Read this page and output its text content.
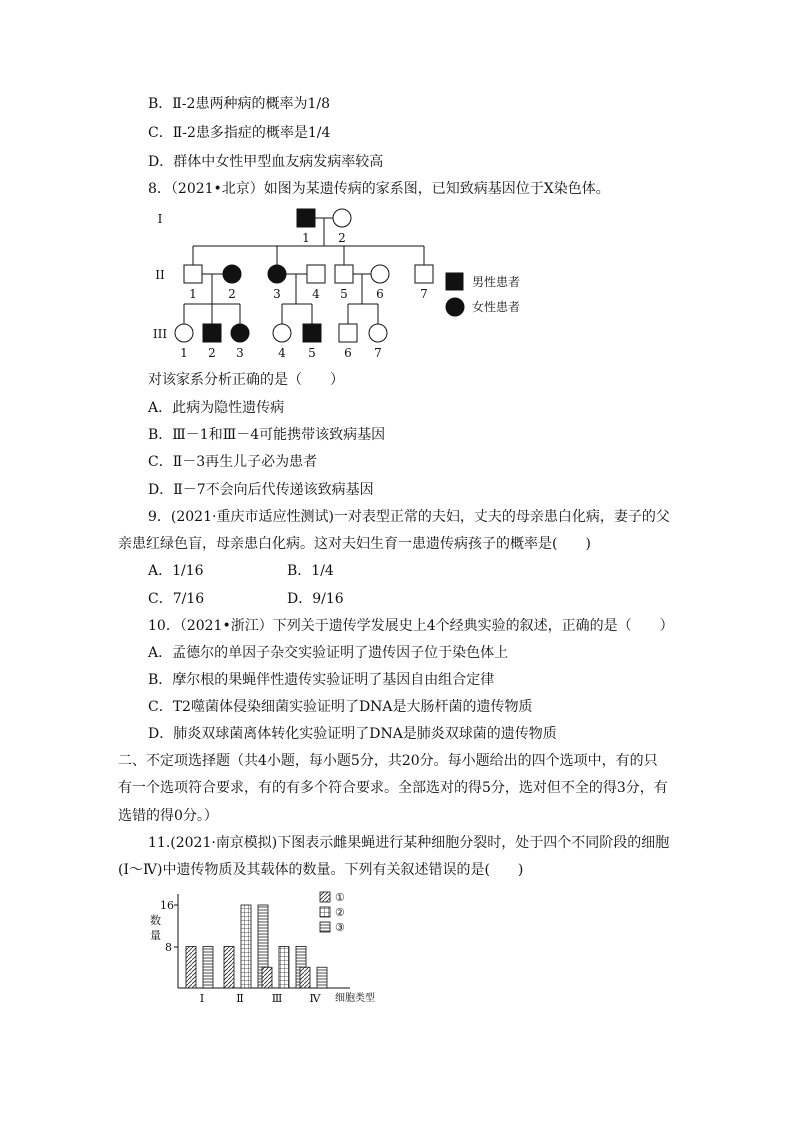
B．Ⅱ-2患两种病的概率为1/8
C．Ⅱ-2患多指症的概率是1/4
D．群体中女性甲型血友病发病率较高
8．（2021•北京）如图为某遗传病的家系图，已知致病基因位于X染色体。
I
II
III
1 2
1	2	3	4 5 6	7
1 2 3	4 5 6 7
男性患者
女性患者
对该家系分析正确的是（　　）
A．此病为隐性遗传病
B．Ⅲ－1和Ⅲ－4可能携带该致病基因
C．Ⅱ－3再生儿子必为患者
D．Ⅱ－7不会向后代传递该致病基因
9．(2021·重庆市适应性测试)一对表型正常的夫妇，丈夫的母亲患白化病，妻子的父
亲患红绿色盲，母亲患白化病。这对夫妇生育一患遗传病孩子的概率是(　　)
A．1/16	B．1/4
C．7/16	D．9/16
10．（2021•浙江）下列关于遗传学发展史上4个经典实验的叙述，正确的是（　　）
A．孟德尔的单因子杂交实验证明了遗传因子位于染色体上
B．摩尔根的果蝇伴性遗传实验证明了基因自由组合定律
C．T2噬菌体侵染细菌实验证明了DNA是大肠杆菌的遗传物质
D．肺炎双球菌离体转化实验证明了DNA是肺炎双球菌的遗传物质
二、不定项选择题（共4小题，每小题5分，共20分。每小题给出的四个选项中，有的只
有一个选项符合要求，有的有多个符合要求。全部选对的得5分，选对但不全的得3分，有
选错的得0分。）
11.(2021·南京模拟)下图表示雌果蝇进行某种细胞分裂时，处于四个不同阶段的细胞
(Ⅰ～Ⅳ)中遗传物质及其载体的数量。下列有关叙述错误的是(　　)
数
量
16
8
细胞类型
Ⅰ	Ⅱ	Ⅲ Ⅳ
①
②
③
